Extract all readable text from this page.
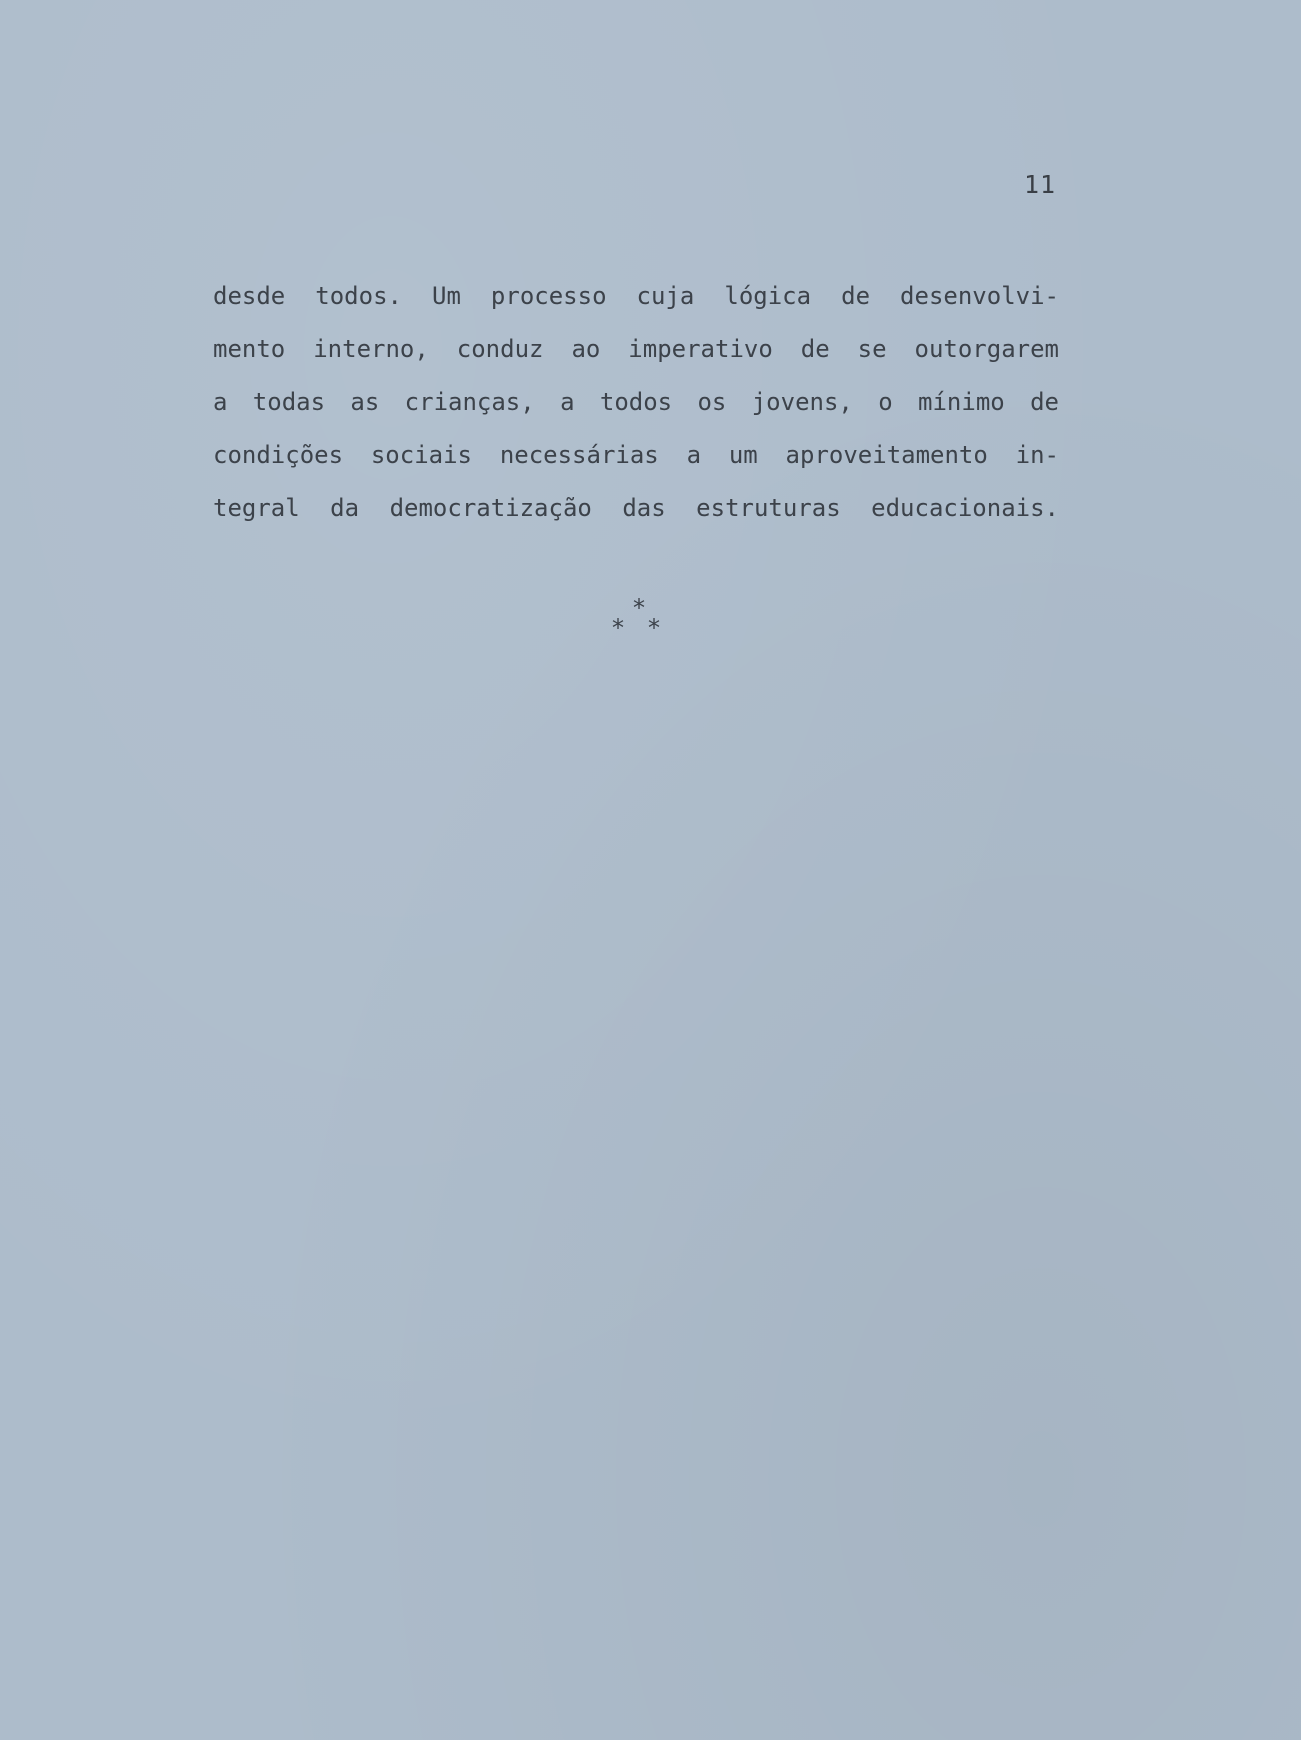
11
desde todos. Um processo cuja lógica de desenvolvi-
mento interno, conduz ao imperativo de se outorgarem
a todas as crianças, a todos os jovens, o mínimo de
condições sociais necessárias a um aproveitamento in-
tegral da democratização das estruturas educacionais.
*
* *
